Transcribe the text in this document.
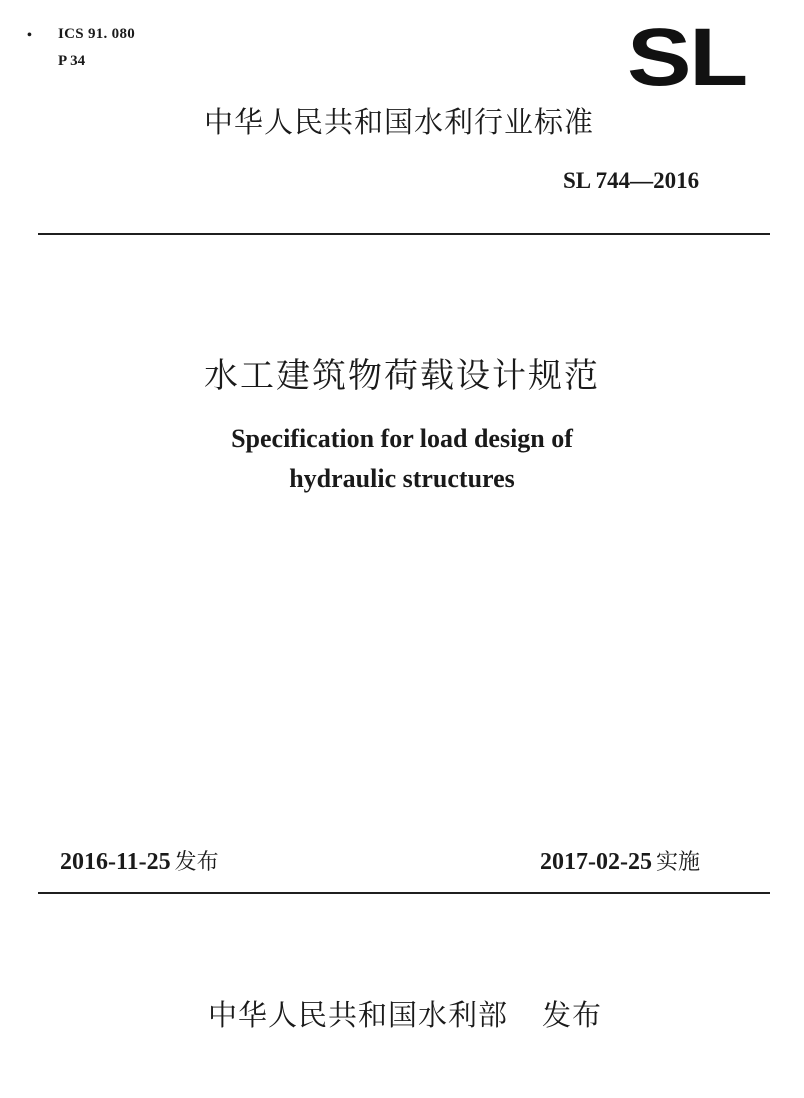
• ICS 91. 080
P 34	SL
中华人民共和国水利行业标准
SL 744—2016
水工建筑物荷载设计规范
Specification for load design of
hydraulic structures
2016-11-25 发布	2017-02-25 实施
中华人民共和国水利部 发布
